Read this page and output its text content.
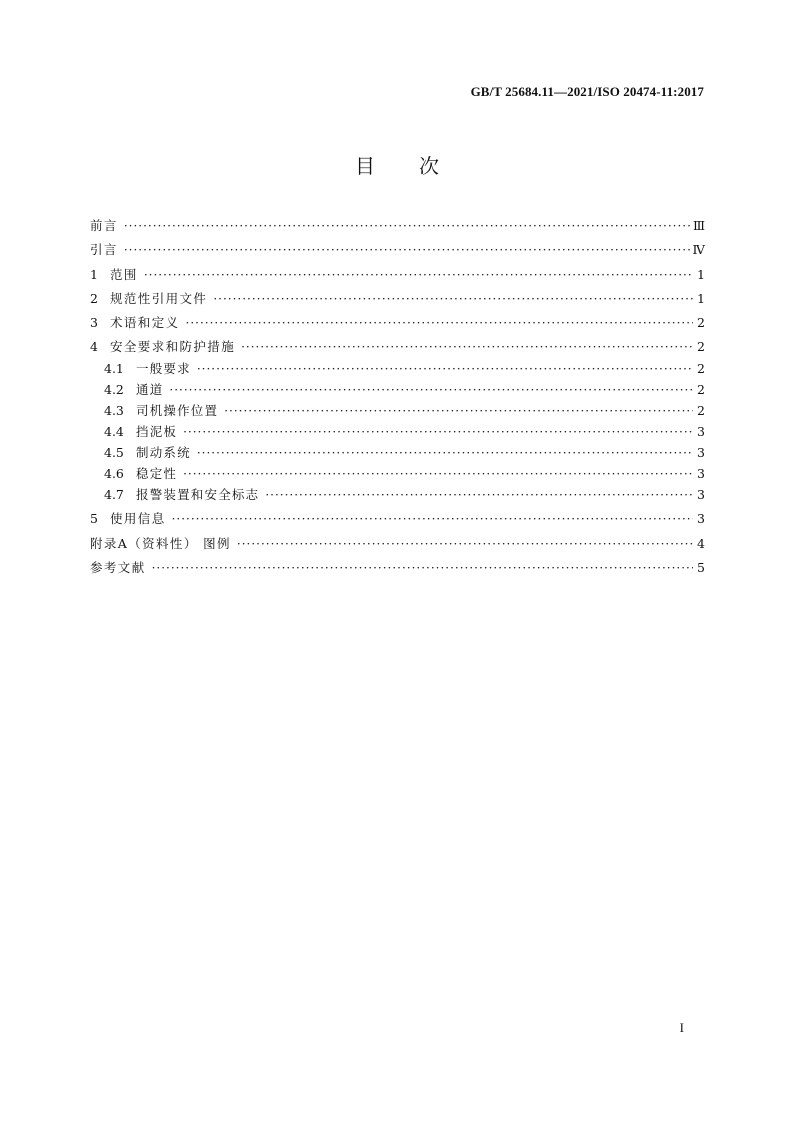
GB/T 25684.11—2021/ISO 20474-11:2017
目次
前言 ·····	Ⅲ
引言 ·····	Ⅳ
1 范围 ·····	1
2 规范性引用文件 ·····	1
3 术语和定义 ·····	2
4 安全要求和防护措施 ·····	2
4.1 一般要求 ·····	2
4.2 通道 ·····	2
4.3 司机操作位置 ·····	2
4.4 挡泥板 ·····	3
4.5 制动系统 ·····	3
4.6 稳定性 ·····	3
4.7 报警装置和安全标志 ·····	3
5 使用信息 ·····	3
附录A（资料性） 图例 ·····	4
参考文献 ·····	5
I
